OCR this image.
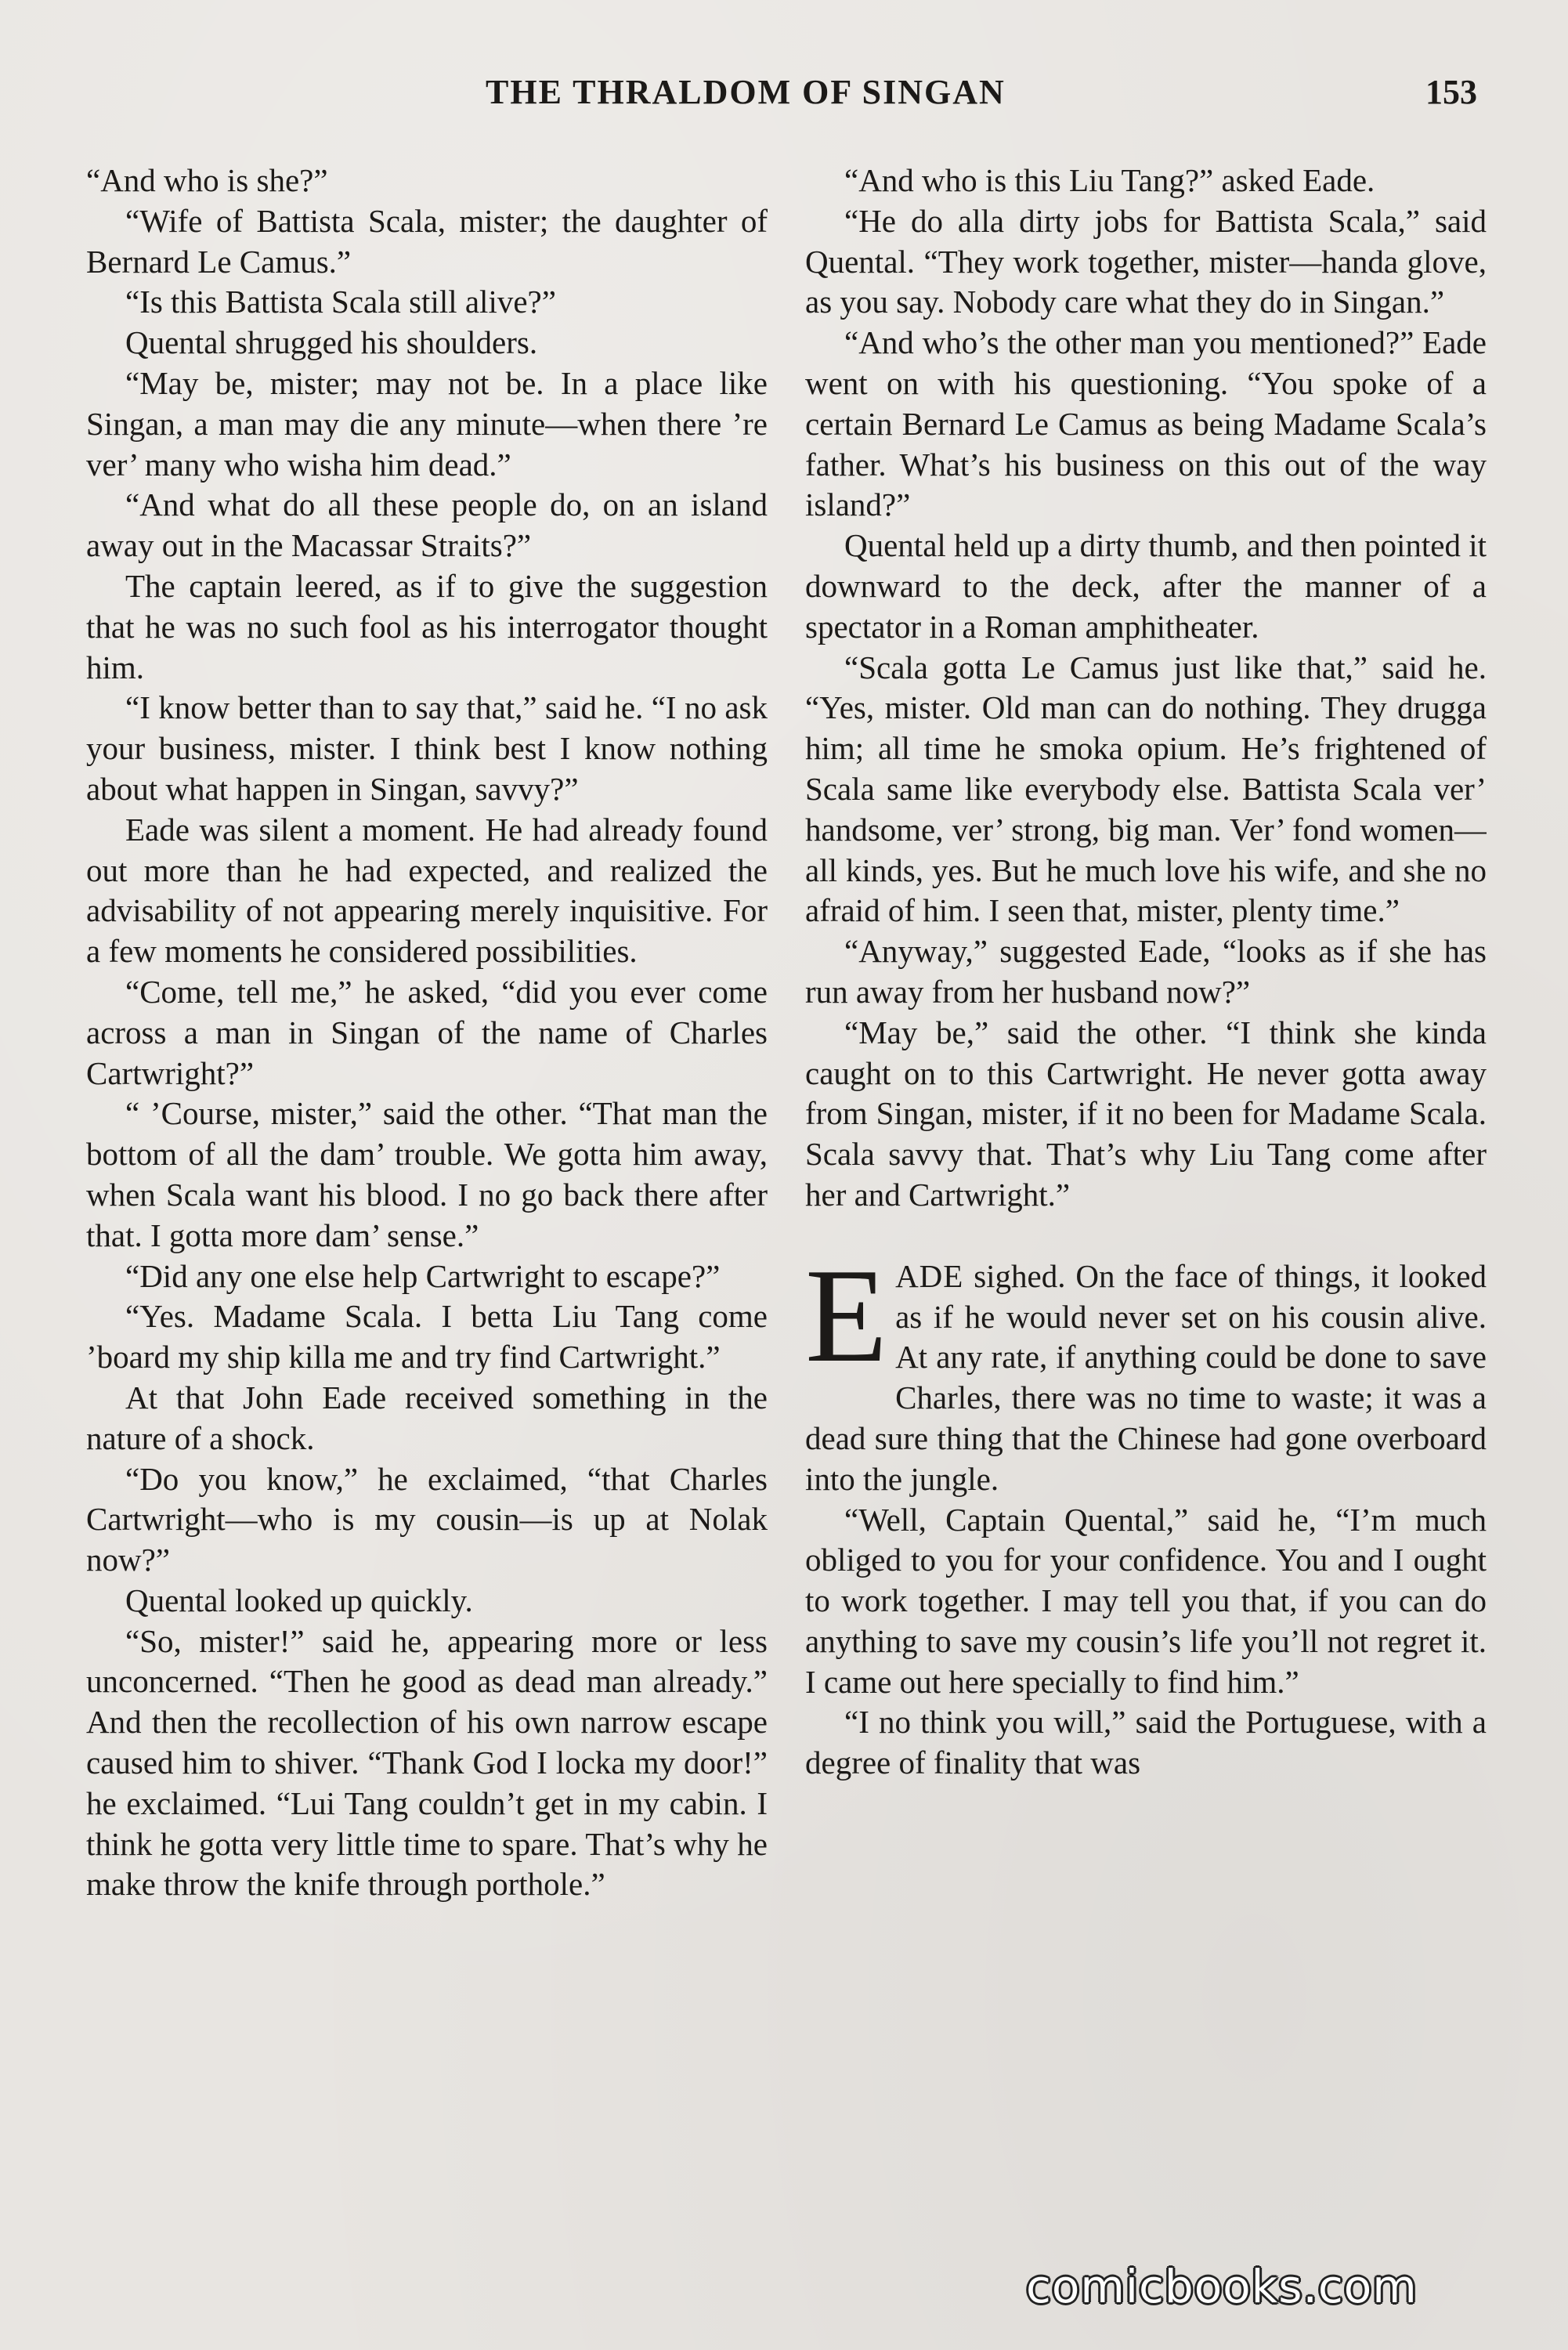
THE THRALDOM OF SINGAN	153

“And who is she?”

“Wife of Battista Scala, mister; the daughter of Bernard Le Camus.”

“Is this Battista Scala still alive?”

Quental shrugged his shoulders.

“May be, mister; may not be. In a place like Singan, a man may die any minute—when there ’re ver’ many who wisha him dead.”

“And what do all these people do, on an island away out in the Macassar Straits?”

The captain leered, as if to give the suggestion that he was no such fool as his interrogator thought him.

“I know better than to say that,” said he. “I no ask your business, mister. I think best I know nothing about what happen in Singan, savvy?”

Eade was silent a moment. He had already found out more than he had expected, and realized the advisability of not appearing merely inquisitive. For a few moments he considered possibilities.

“Come, tell me,” he asked, “did you ever come across a man in Singan of the name of Charles Cartwright?”

“ ’Course, mister,” said the other. “That man the bottom of all the dam’ trouble. We gotta him away, when Scala want his blood. I no go back there after that. I gotta more dam’ sense.”

“Did any one else help Cartwright to escape?”

“Yes. Madame Scala. I betta Liu Tang come ’board my ship killa me and try find Cartwright.”

At that John Eade received something in the nature of a shock.

“Do you know,” he exclaimed, “that Charles Cartwright—who is my cousin—is up at Nolak now?”

Quental looked up quickly.

“So, mister!” said he, appearing more or less unconcerned. “Then he good as dead man already.” And then the recollection of his own narrow escape caused him to shiver. “Thank God I locka my door!” he exclaimed. “Lui Tang couldn’t get in my cabin. I think he gotta very little time to spare. That’s why he make throw the knife through porthole.”

“And who is this Liu Tang?” asked Eade.

“He do alla dirty jobs for Battista Scala,” said Quental. “They work together, mister—handa glove, as you say. Nobody care what they do in Singan.”

“And who’s the other man you mentioned?” Eade went on with his questioning. “You spoke of a certain Bernard Le Camus as being Madame Scala’s father. What’s his business on this out of the way island?”

Quental held up a dirty thumb, and then pointed it downward to the deck, after the manner of a spectator in a Roman amphitheater.

“Scala gotta Le Camus just like that,” said he. “Yes, mister. Old man can do nothing. They drugga him; all time he smoka opium. He’s frightened of Scala same like everybody else. Battista Scala ver’ handsome, ver’ strong, big man. Ver’ fond women—all kinds, yes. But he much love his wife, and she no afraid of him. I seen that, mister, plenty time.”

“Anyway,” suggested Eade, “looks as if she has run away from her husband now?”

“May be,” said the other. “I think she kinda caught on to this Cartwright. He never gotta away from Singan, mister, if it no been for Madame Scala. Scala savvy that. That’s why Liu Tang come after her and Cartwright.”

EADE sighed. On the face of things, it looked as if he would never set on his cousin alive. At any rate, if anything could be done to save Charles, there was no time to waste; it was a dead sure thing that the Chinese had gone overboard into the jungle.

“Well, Captain Quental,” said he, “I’m much obliged to you for your confidence. You and I ought to work together. I may tell you that, if you can do anything to save my cousin’s life you’ll not regret it. I came out here specially to find him.”

“I no think you will,” said the Portuguese, with a degree of finality that was

comicbooks.com
